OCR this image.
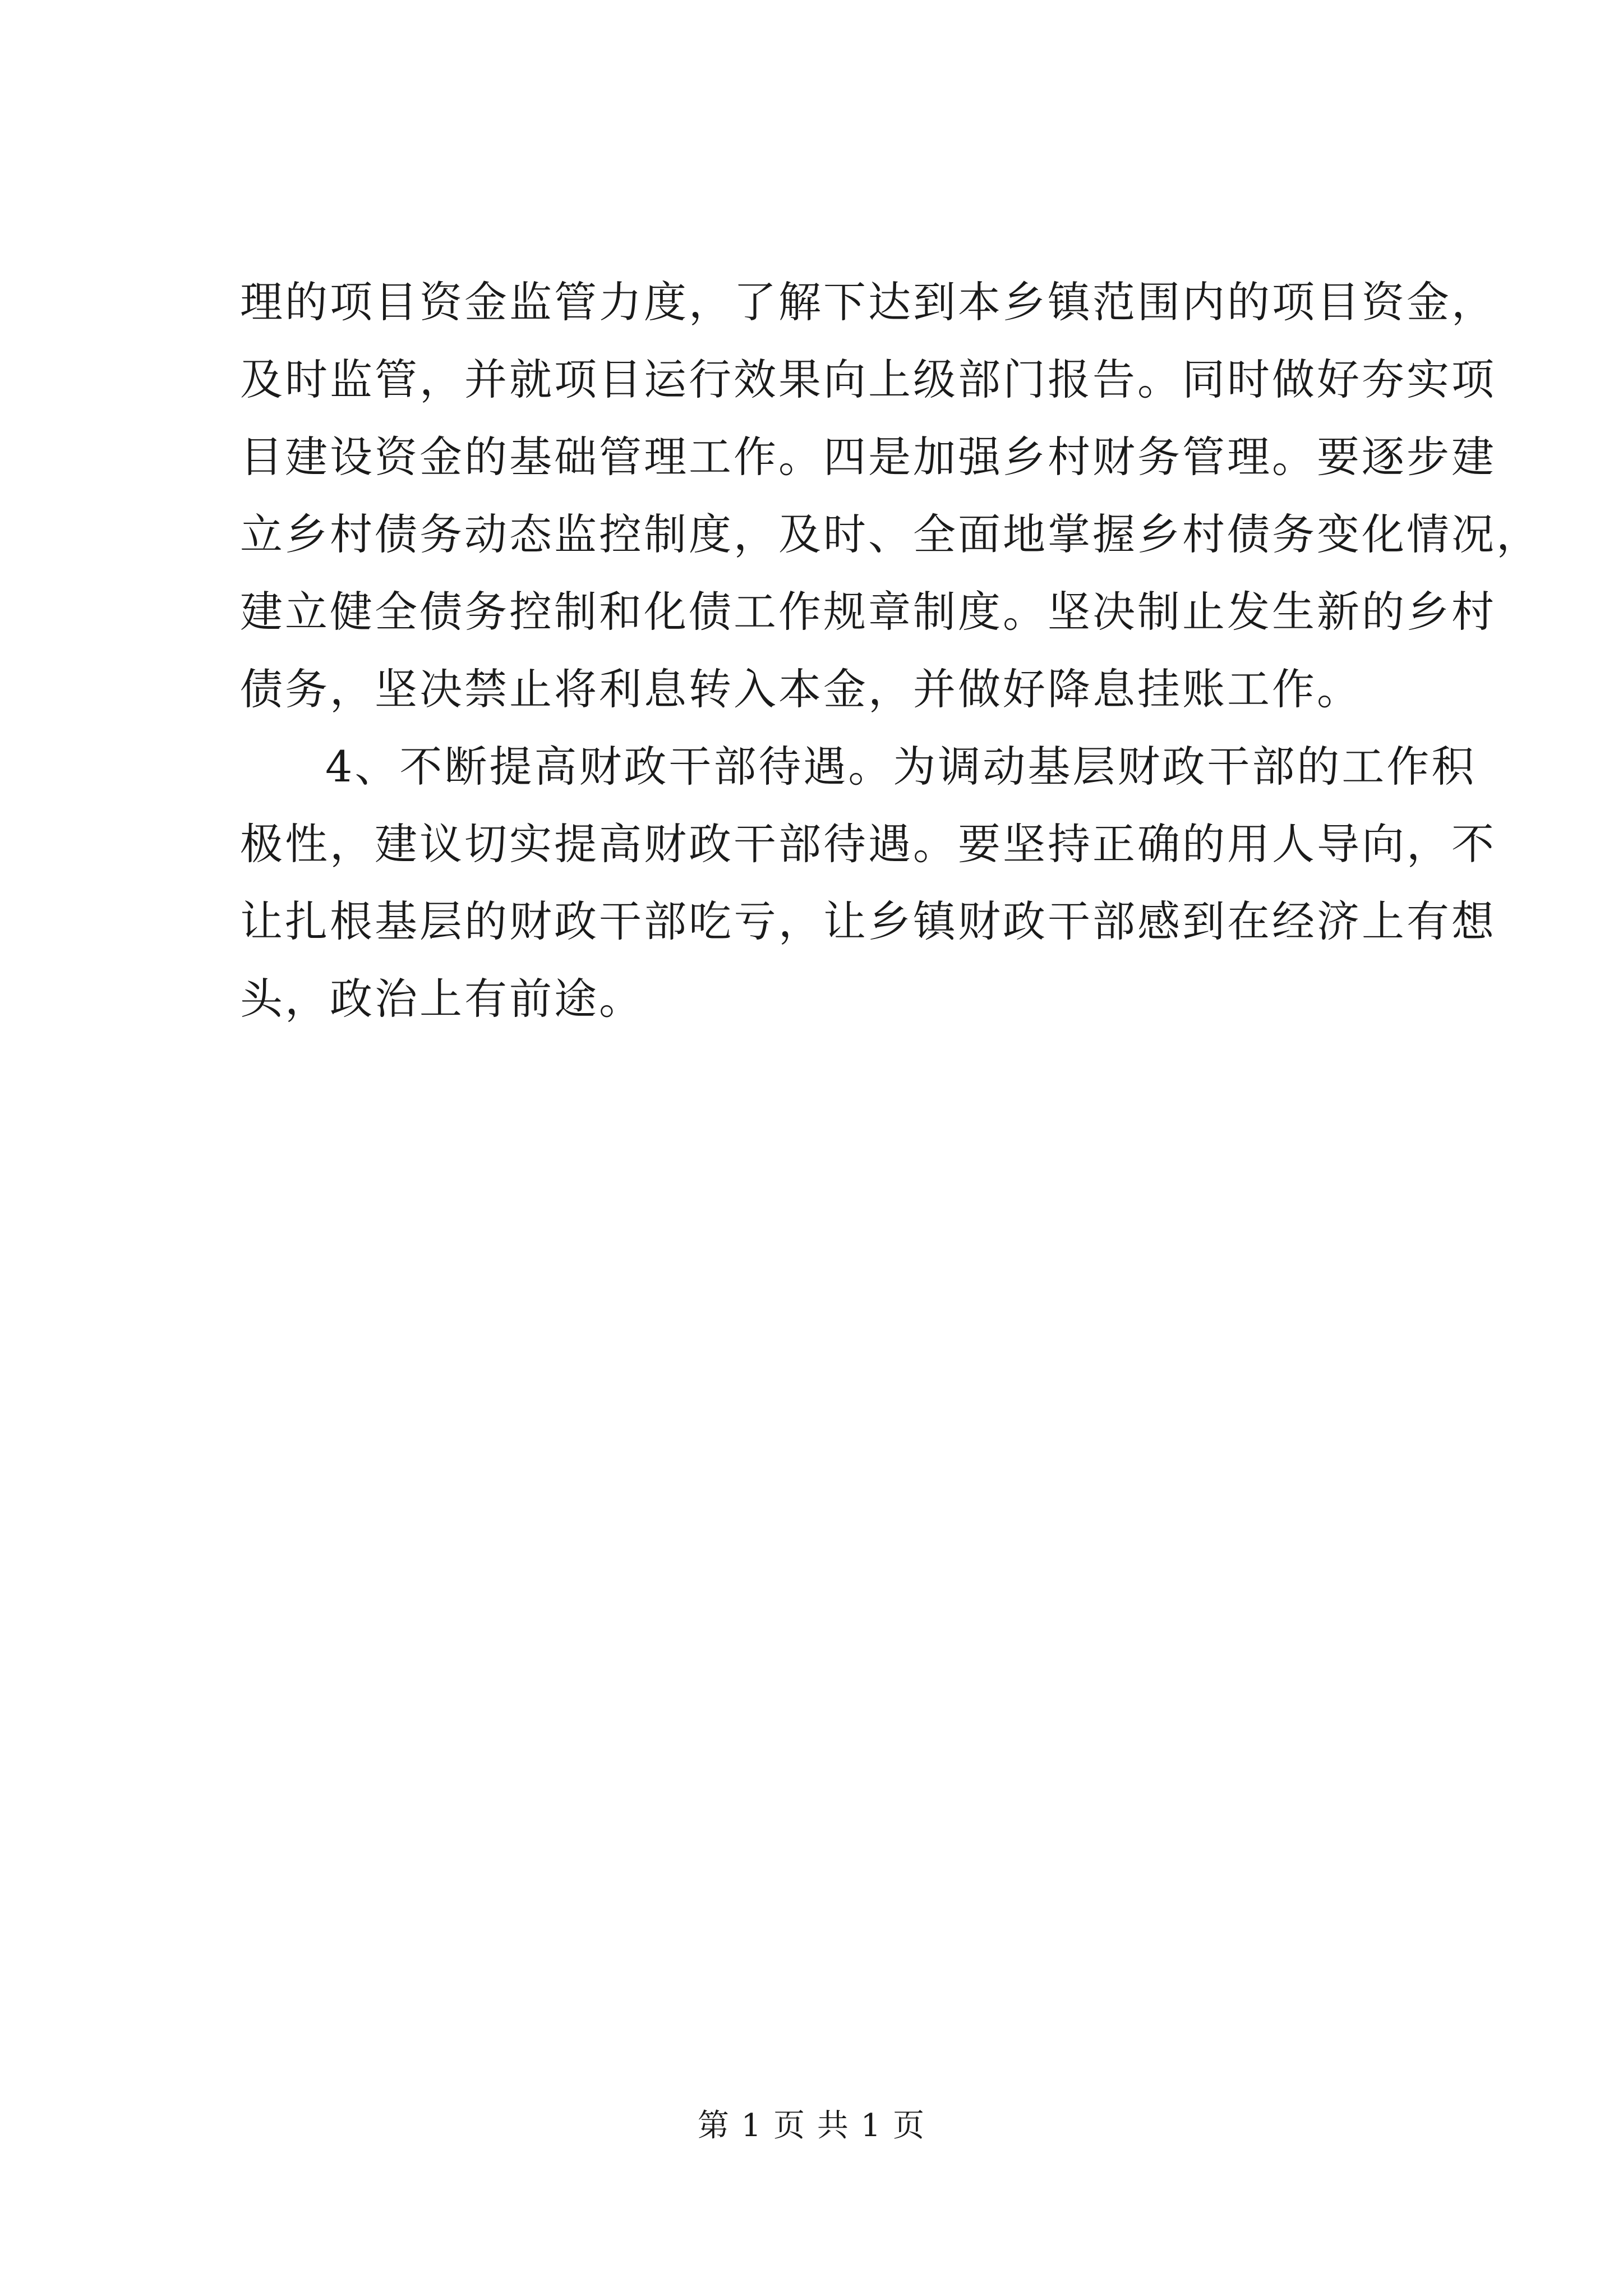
理的项目资金监管力度，了解下达到本乡镇范围内的项目资金，
及时监管，并就项目运行效果向上级部门报告。同时做好夯实项
目建设资金的基础管理工作。四是加强乡村财务管理。要逐步建
立乡村债务动态监控制度，及时、全面地掌握乡村债务变化情况，
建立健全债务控制和化债工作规章制度。坚决制止发生新的乡村
债务，坚决禁止将利息转入本金，并做好降息挂账工作。
4、不断提高财政干部待遇。为调动基层财政干部的工作积
极性，建议切实提高财政干部待遇。要坚持正确的用人导向，不
让扎根基层的财政干部吃亏，让乡镇财政干部感到在经济上有想
头，政治上有前途。
第 1 页 共 1 页
